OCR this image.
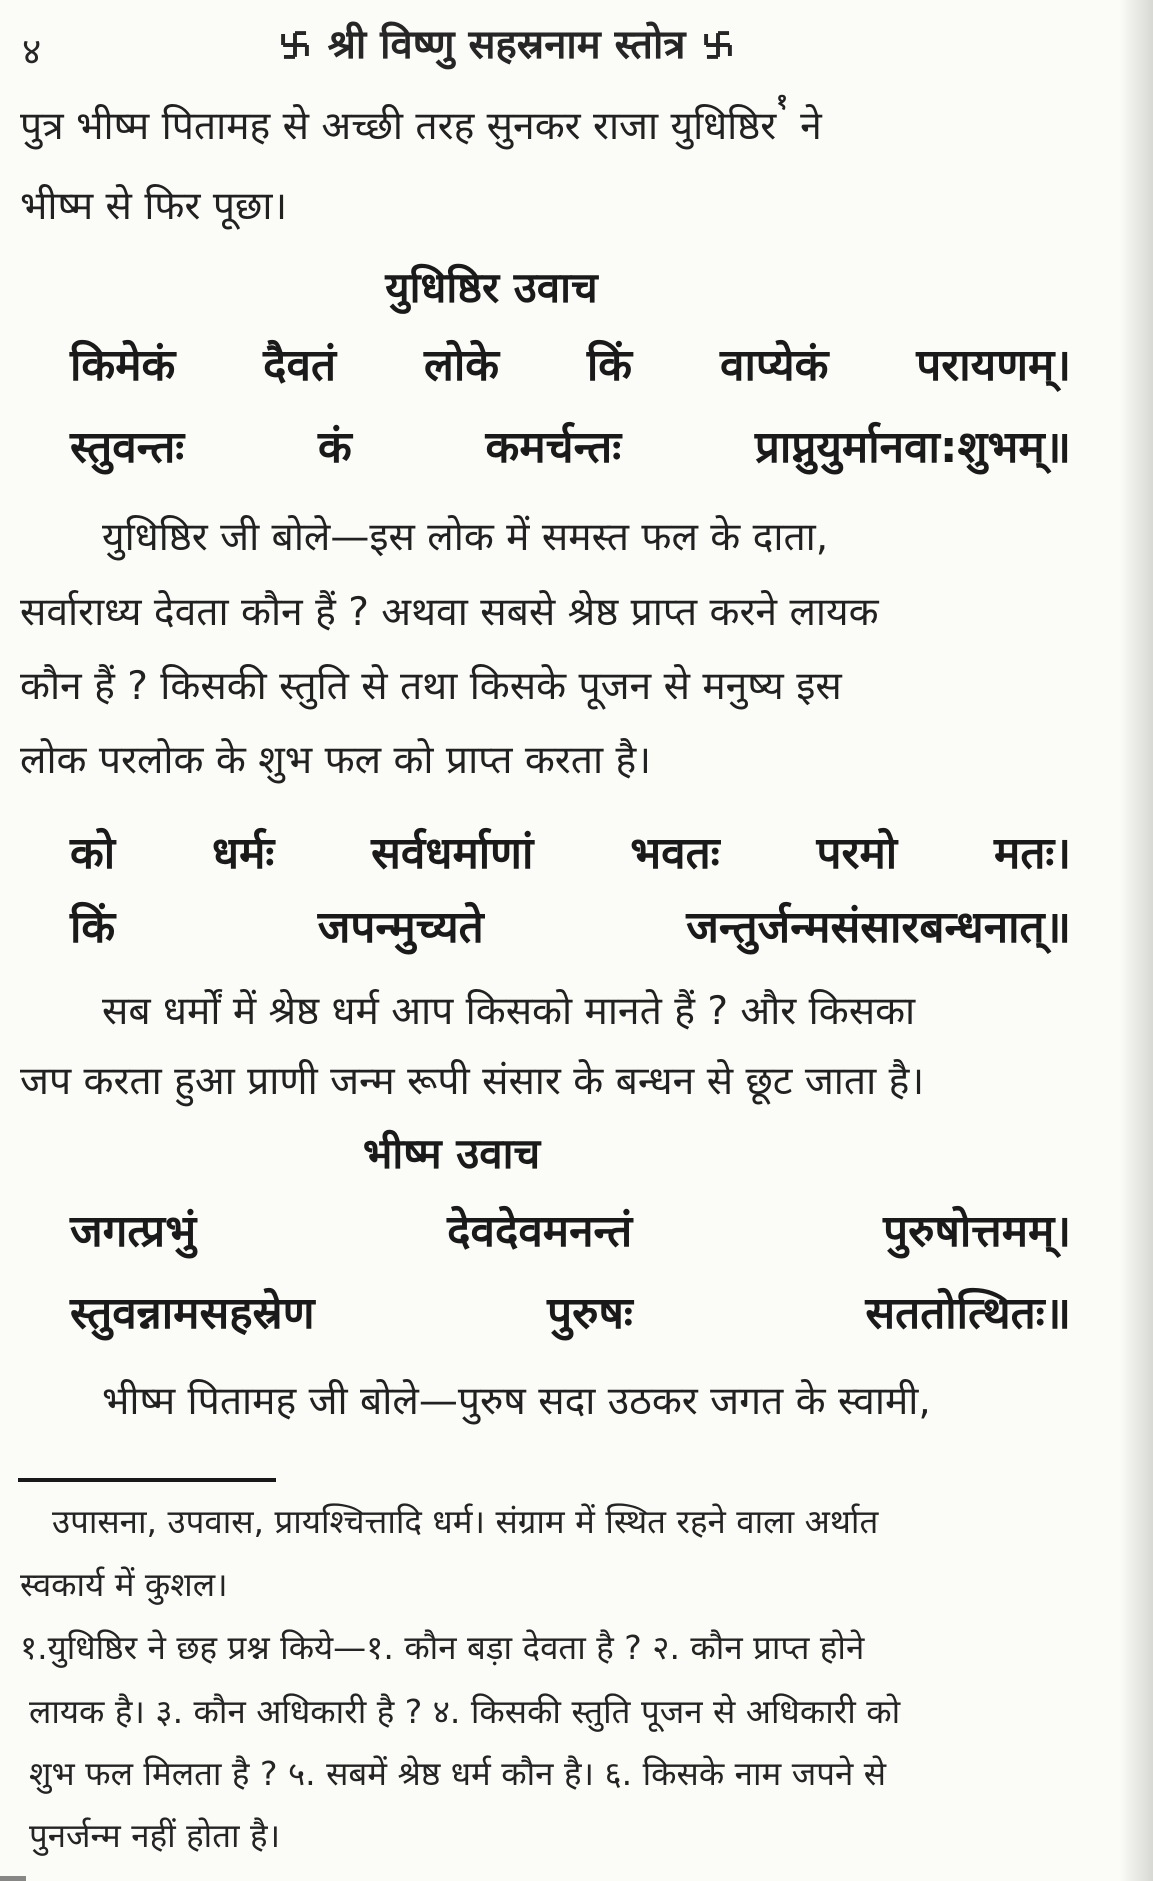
४	श्री विष्णु सहस्रनाम स्तोत्र
पुत्र भीष्म पितामह से अच्छी तरह सुनकर राजा युधिष्ठिर$^१$ ने
भीष्म से फिर पूछा।
युधिष्ठिर उवाच
किमेकं दैवतं लोके किं वाप्येकं परायणम्।
स्तुवन्तः कं कमर्चन्तः प्राप्नुयुर्मानवा:शुभम्॥
युधिष्ठिर जी बोले—इस लोक में समस्त फल के दाता,
सर्वाराध्य देवता कौन हैं ? अथवा सबसे श्रेष्ठ प्राप्त करने लायक
कौन हैं ? किसकी स्तुति से तथा किसके पूजन से मनुष्य इस
लोक परलोक के शुभ फल को प्राप्त करता है।
को धर्मः सर्वधर्माणां भवतः परमो मतः।
किं जपन्मुच्यते जन्तुर्जन्मसंसारबन्धनात्॥
सब धर्मों में श्रेष्ठ धर्म आप किसको मानते हैं ? और किसका
जप करता हुआ प्राणी जन्म रूपी संसार के बन्धन से छूट जाता है।
भीष्म उवाच
जगत्प्रभुं देवदेवमनन्तं पुरुषोत्तमम्।
स्तुवन्नामसहस्रेण पुरुषः सततोत्थितः॥
भीष्म पितामह जी बोले—पुरुष सदा उठकर जगत के स्वामी,
उपासना, उपवास, प्रायश्चित्तादि धर्म। संग्राम में स्थित रहने वाला अर्थात
स्वकार्य में कुशल।
१.युधिष्ठिर ने छह प्रश्न किये—१. कौन बड़ा देवता है ? २. कौन प्राप्त होने
लायक है। ३. कौन अधिकारी है ? ४. किसकी स्तुति पूजन से अधिकारी को
शुभ फल मिलता है ? ५. सबमें श्रेष्ठ धर्म कौन है। ६. किसके नाम जपने से
पुनर्जन्म नहीं होता है।
